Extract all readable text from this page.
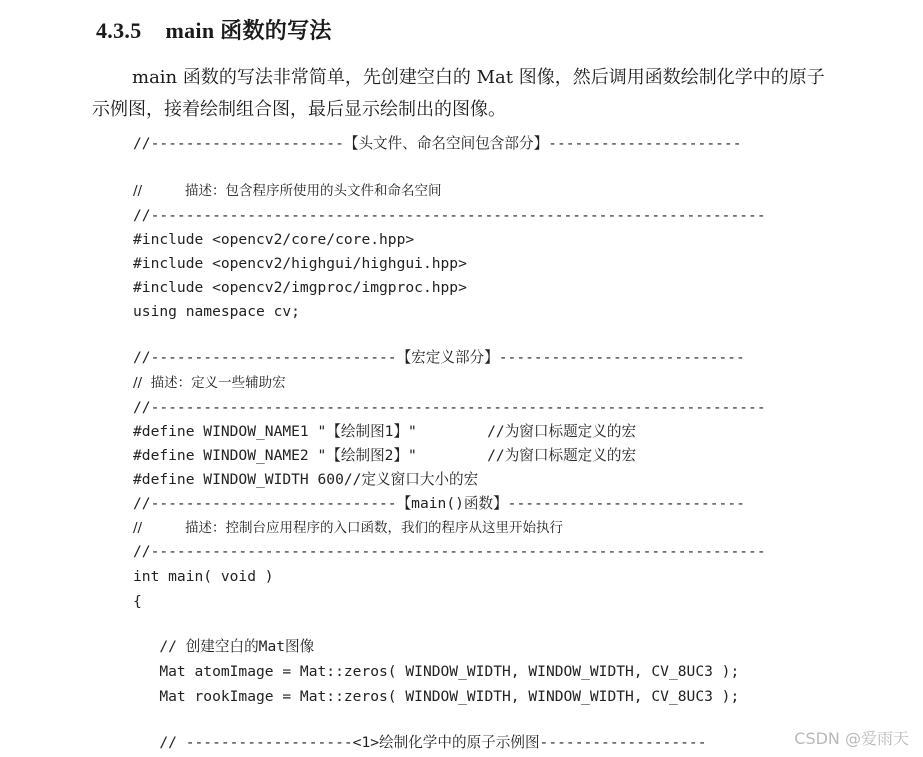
4.3.5 main 函数的写法
main 函数的写法非常简单，先创建空白的 Mat 图像，然后调用函数绘制化学中的原子示例图，接着绘制组合图，最后显示绘制出的图像。
//----------------------【头文件、命名空间包含部分】----------------------
//          描述：包含程序所使用的头文件和命名空间
//----------------------------------------------------------------------
#include <opencv2/core/core.hpp>
#include <opencv2/highgui/highgui.hpp>
#include <opencv2/imgproc/imgproc.hpp>
using namespace cv;
//----------------------------【宏定义部分】----------------------------
//  描述：定义一些辅助宏
//----------------------------------------------------------------------
#define WINDOW_NAME1 "【绘制图1】"        //为窗口标题定义的宏
#define WINDOW_NAME2 "【绘制图2】"        //为窗口标题定义的宏
#define WINDOW_WIDTH 600//定义窗口大小的宏
//----------------------------【main()函数】---------------------------
//          描述：控制台应用程序的入口函数，我们的程序从这里开始执行
//----------------------------------------------------------------------
int main( void )
{
// 创建空白的Mat图像
Mat atomImage = Mat::zeros( WINDOW_WIDTH, WINDOW_WIDTH, CV_8UC3 );
Mat rookImage = Mat::zeros( WINDOW_WIDTH, WINDOW_WIDTH, CV_8UC3 );
// -------------------<1>绘制化学中的原子示例图-------------------	CSDN @爱雨天
